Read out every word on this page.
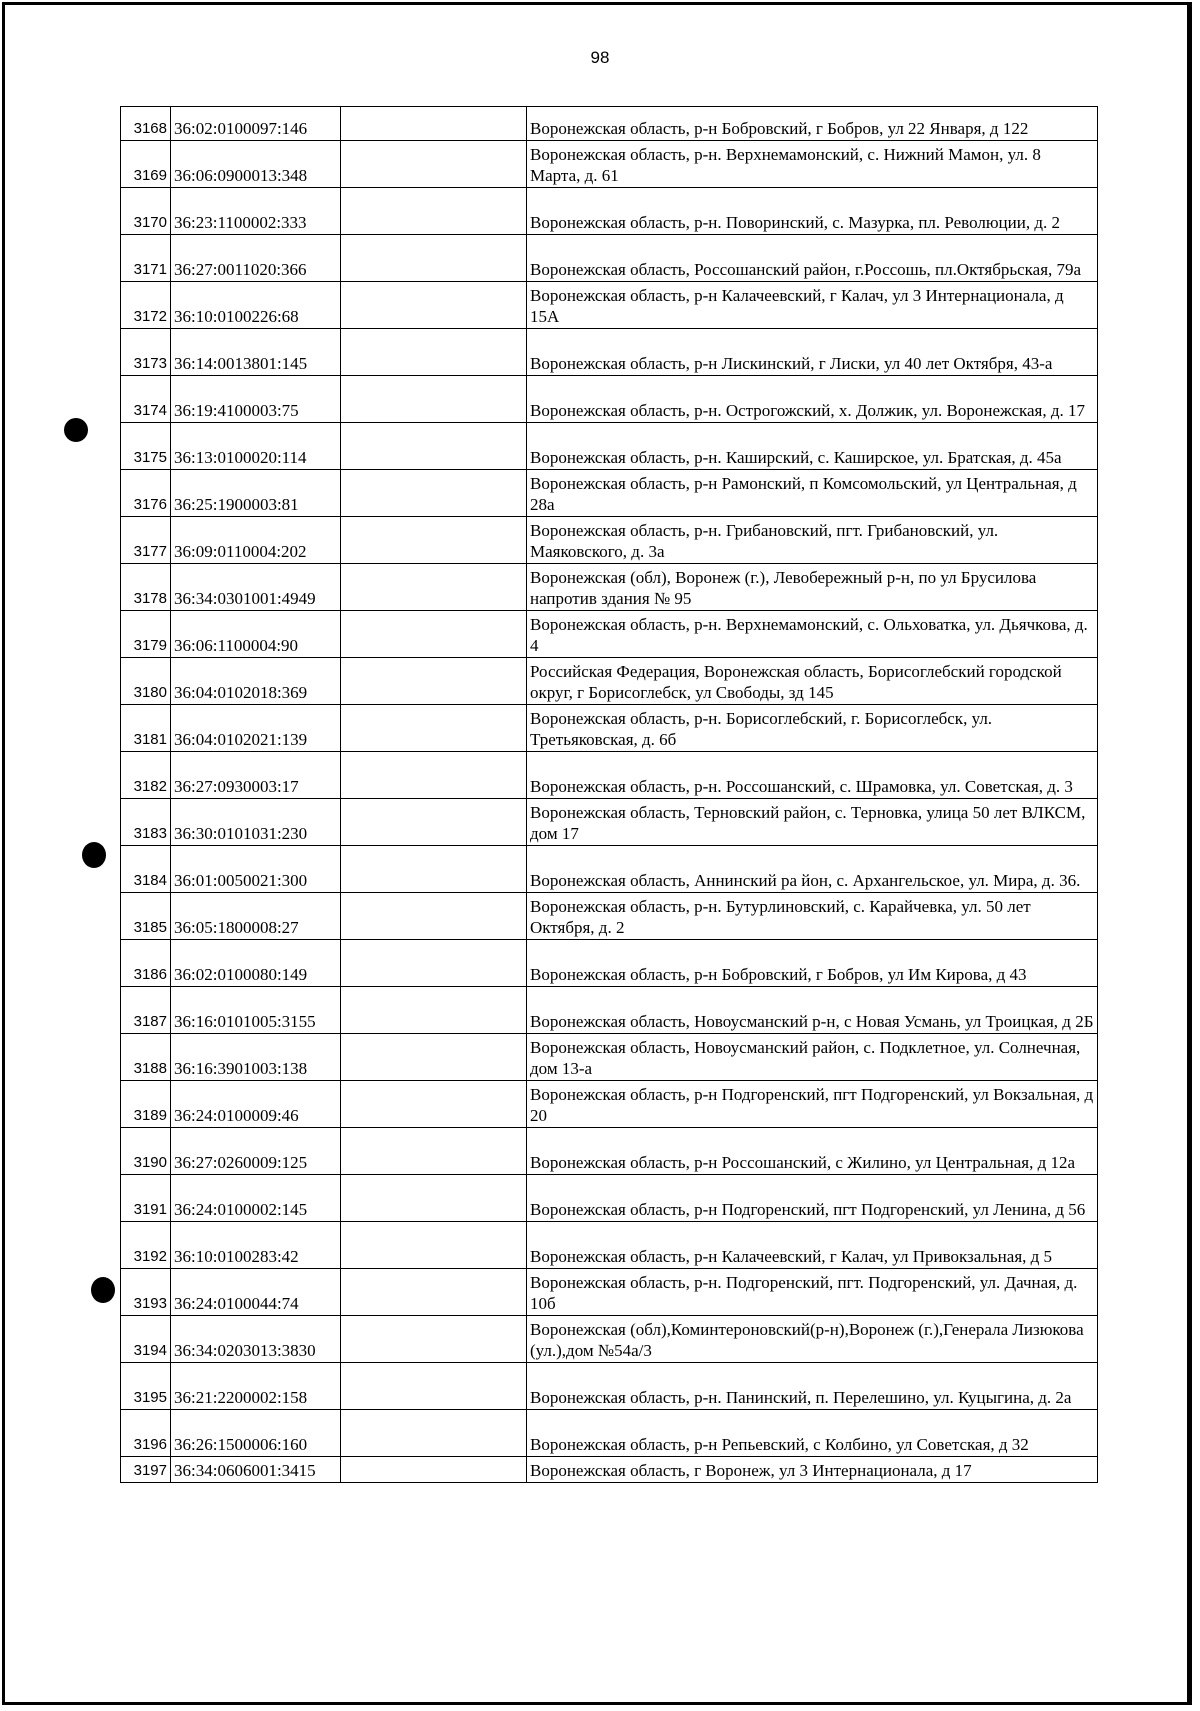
98
3168	36:02:0100097:146		Воронежская область, р-н Бобровский, г Бобров, ул 22 Января, д 122
3169	36:06:0900013:348		Воронежская область, р-н. Верхнемамонский, с. Нижний Мамон, ул. 8 Марта, д. 61
3170	36:23:1100002:333		Воронежская область, р-н. Поворинский, с. Мазурка, пл. Революции, д. 2
3171	36:27:0011020:366		Воронежская область, Россошанский район, г.Россошь, пл.Октябрьская, 79а
3172	36:10:0100226:68		Воронежская область, р-н Калачеевский, г Калач, ул 3 Интернационала, д 15А
3173	36:14:0013801:145		Воронежская область, р-н Лискинский, г Лиски, ул 40 лет Октября, 43-а
3174	36:19:4100003:75		Воронежская область, р-н. Острогожский, х. Должик, ул. Воронежская, д. 17
3175	36:13:0100020:114		Воронежская область, р-н. Каширский, с. Каширское, ул. Братская, д. 45а
3176	36:25:1900003:81		Воронежская область, р-н Рамонский, п Комсомольский, ул Центральная, д 28а
3177	36:09:0110004:202		Воронежская область, р-н. Грибановский, пгт. Грибановский, ул. Маяковского, д. 3а
3178	36:34:0301001:4949		Воронежская (обл), Воронеж (г.), Левобережный р-н, по ул Брусилова напротив здания № 95
3179	36:06:1100004:90		Воронежская область, р-н. Верхнемамонский, с. Ольховатка, ул. Дьячкова, д. 4
3180	36:04:0102018:369		Российская Федерация, Воронежская область, Борисоглебский городской округ, г Борисоглебск, ул Свободы, зд 145
3181	36:04:0102021:139		Воронежская область, р-н. Борисоглебский, г. Борисоглебск, ул. Третьяковская, д. 6б
3182	36:27:0930003:17		Воронежская область, р-н. Россошанский, с. Шрамовка, ул. Советская, д. 3
3183	36:30:0101031:230		Воронежская область, Терновский район, с. Терновка, улица 50 лет ВЛКСМ, дом 17
3184	36:01:0050021:300		Воронежская область, Аннинский ра йон, с. Архангельское, ул. Мира, д. 36.
3185	36:05:1800008:27		Воронежская область, р-н. Бутурлиновский, с. Карайчевка, ул. 50 лет Октября, д. 2
3186	36:02:0100080:149		Воронежская область, р-н Бобровский, г Бобров, ул Им Кирова, д 43
3187	36:16:0101005:3155		Воронежская область, Новоусманский р-н, с Новая Усмань, ул Троицкая, д 2Б
3188	36:16:3901003:138		Воронежская область, Новоусманский район, с. Подклетное, ул. Солнечная, дом 13-а
3189	36:24:0100009:46		Воронежская область, р-н Подгоренский, пгт Подгоренский, ул Вокзальная, д 20
3190	36:27:0260009:125		Воронежская область, р-н Россошанский, с Жилино, ул Центральная, д 12а
3191	36:24:0100002:145		Воронежская область, р-н Подгоренский, пгт Подгоренский, ул Ленина, д 56
3192	36:10:0100283:42		Воронежская область, р-н Калачеевский, г Калач, ул Привокзальная, д 5
3193	36:24:0100044:74		Воронежская область, р-н. Подгоренский, пгт. Подгоренский, ул. Дачная, д. 10б
3194	36:34:0203013:3830		Воронежская (обл),Коминтероновский(р-н),Воронеж (г.),Генерала Лизюкова (ул.),дом №54а/3
3195	36:21:2200002:158		Воронежская область, р-н. Панинский, п. Перелешино, ул. Куцыгина, д. 2а
3196	36:26:1500006:160		Воронежская область, р-н Репьевский, с Колбино, ул Советская, д 32
3197	36:34:0606001:3415		Воронежская область, г Воронеж, ул 3 Интернационала, д 17
